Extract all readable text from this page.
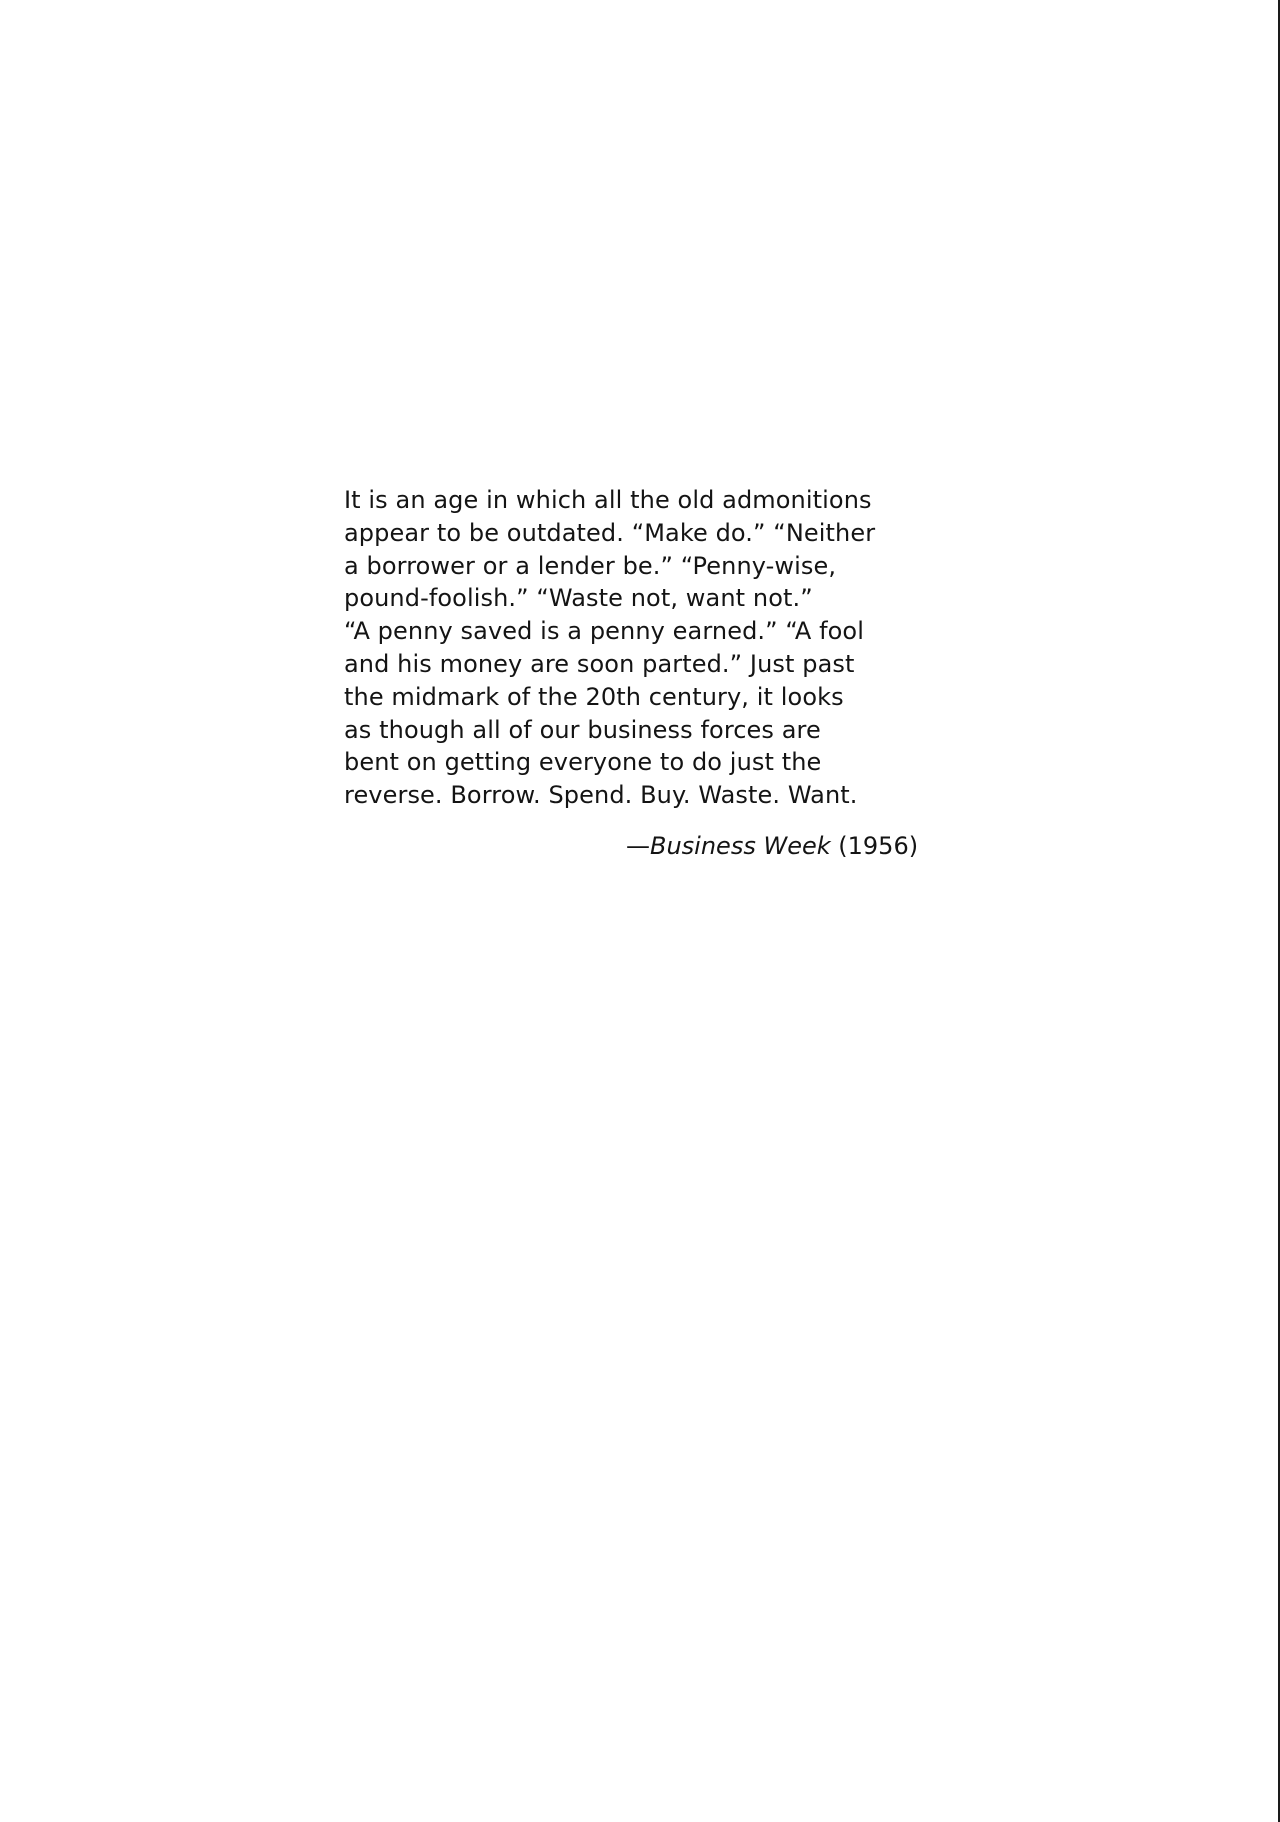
It is an age in which all the old admonitions
appear to be outdated. “Make do.” “Neither
a borrower or a lender be.” “Penny-wise,
pound-foolish.” “Waste not, want not.”
“A penny saved is a penny earned.” “A fool
and his money are soon parted.” Just past
the midmark of the 20th century, it looks
as though all of our business forces are
bent on getting everyone to do just the
reverse. Borrow. Spend. Buy. Waste. Want.
—Business Week (1956)
